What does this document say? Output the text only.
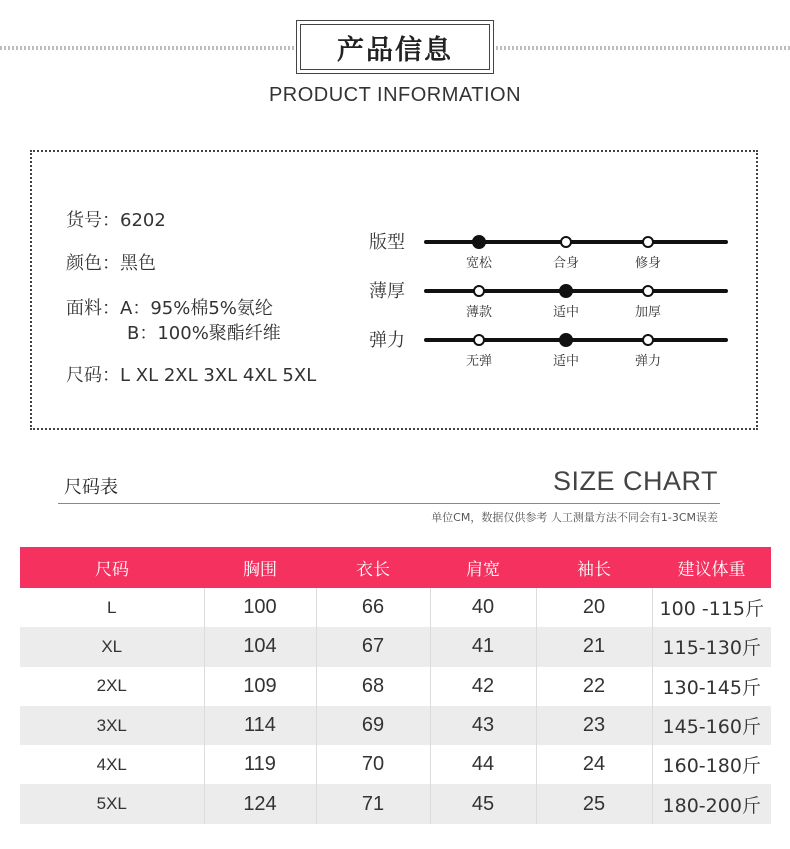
产品信息
PRODUCT INFORMATION
货号：6202
颜色：黑色
面料：A：95%棉5%氨纶
B：100%聚酯纤维
尺码：L XL 2XL 3XL 4XL 5XL
版型
宽松	合身	修身
薄厚
薄款	适中	加厚
弹力
无弹	适中	弹力
尺码表	SIZE CHART
单位CM，数据仅供参考 人工测量方法不同会有1-3CM误差
尺码	胸围	衣长	肩宽	袖长	建议体重
L	100	66	40	20	100 -115斤
XL	104	67	41	21	115-130斤
2XL	109	68	42	22	130-145斤
3XL	114	69	43	23	145-160斤
4XL	119	70	44	24	160-180斤
5XL	124	71	45	25	180-200斤
